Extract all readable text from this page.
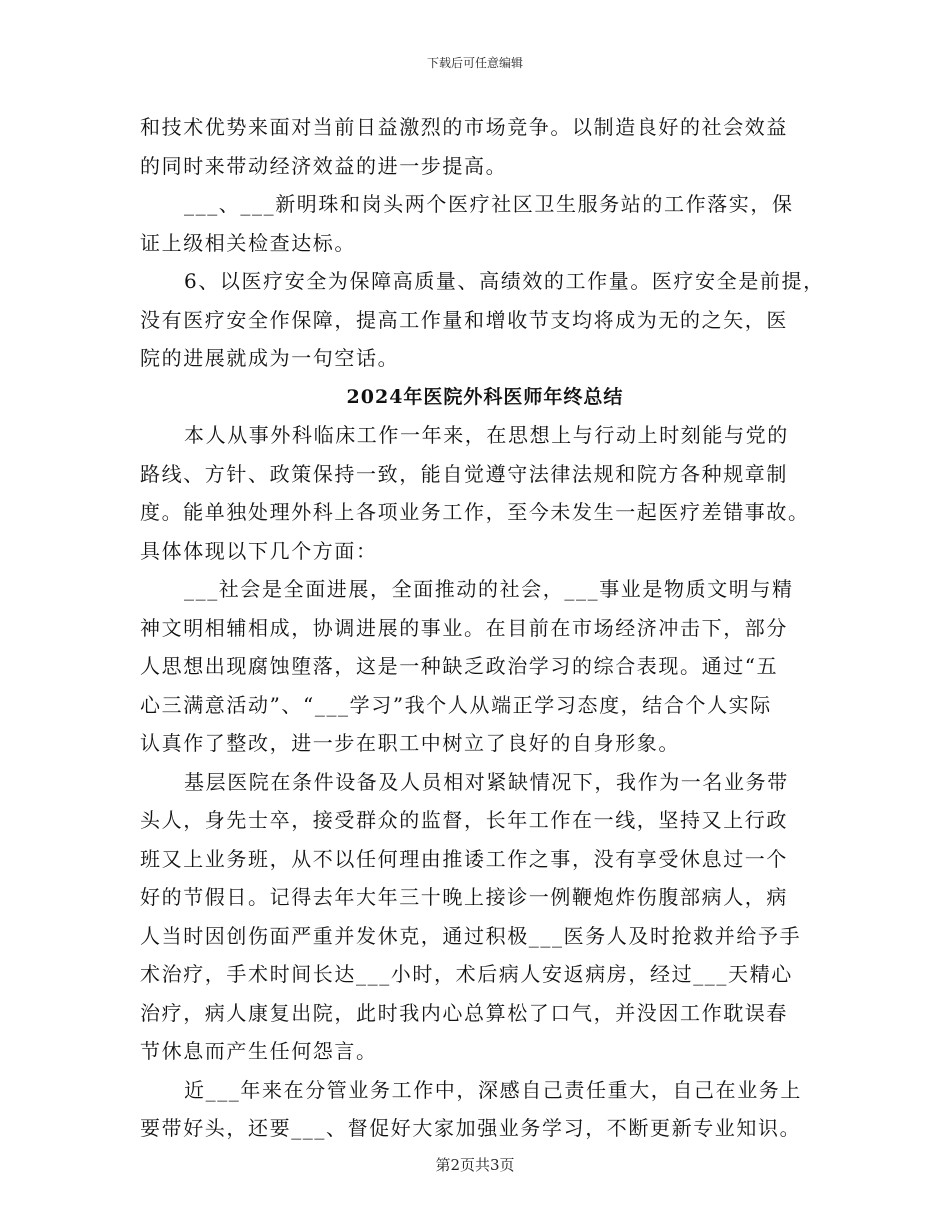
下载后可任意编辑
和技术优势来面对当前日益激烈的市场竞争。以制造良好的社会效益
的同时来带动经济效益的进一步提高。
___、___新明珠和岗头两个医疗社区卫生服务站的工作落实，保
证上级相关检查达标。
6、以医疗安全为保障高质量、高绩效的工作量。医疗安全是前提，
没有医疗安全作保障，提高工作量和增收节支均将成为无的之矢，医
院的进展就成为一句空话。
2024年医院外科医师年终总结
本人从事外科临床工作一年来，在思想上与行动上时刻能与党的
路线、方针、政策保持一致，能自觉遵守法律法规和院方各种规章制
度。能单独处理外科上各项业务工作，至今未发生一起医疗差错事故。
具体体现以下几个方面：
___社会是全面进展，全面推动的社会，___事业是物质文明与精
神文明相辅相成，协调进展的事业。在目前在市场经济冲击下，部分
人思想出现腐蚀堕落，这是一种缺乏政治学习的综合表现。通过“五
心三满意活动”、“___学习”我个人从端正学习态度，结合个人实际
认真作了整改，进一步在职工中树立了良好的自身形象。
基层医院在条件设备及人员相对紧缺情况下，我作为一名业务带
头人，身先士卒，接受群众的监督，长年工作在一线，坚持又上行政
班又上业务班，从不以任何理由推诿工作之事，没有享受休息过一个
好的节假日。记得去年大年三十晚上接诊一例鞭炮炸伤腹部病人，病
人当时因创伤面严重并发休克，通过积极___医务人及时抢救并给予手
术治疗，手术时间长达___小时，术后病人安返病房，经过___天精心
治疗，病人康复出院，此时我内心总算松了口气，并没因工作耽误春
节休息而产生任何怨言。
近___年来在分管业务工作中，深感自己责任重大，自己在业务上
要带好头，还要___、督促好大家加强业务学习，不断更新专业知识。
第2页共3页
